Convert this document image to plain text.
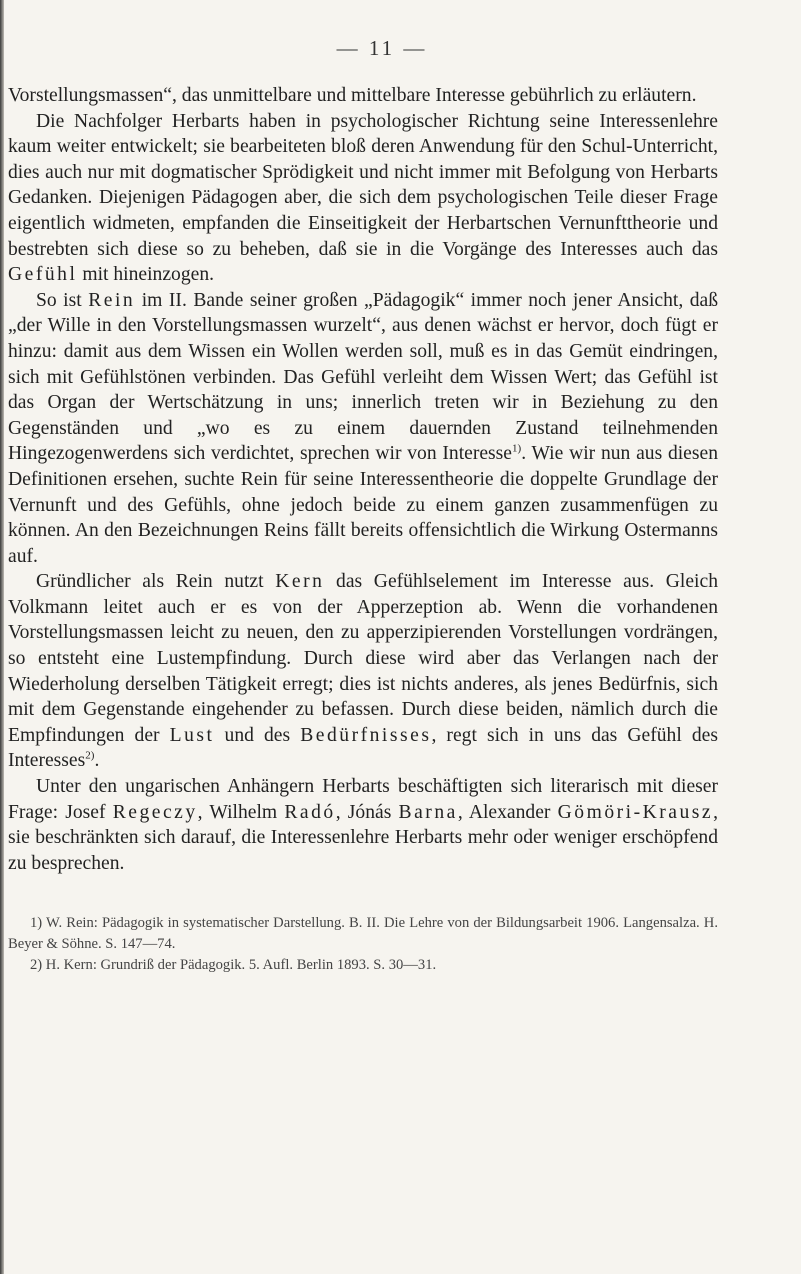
— 11 —

Vorstellungsmassen“, das unmittelbare und mittelbare Interesse gebührlich zu erläutern.

Die Nachfolger Herbarts haben in psychologischer Richtung seine Interessenlehre kaum weiter entwickelt; sie bearbeiteten bloß deren Anwendung für den Schul-Unterricht, dies auch nur mit dogmatischer Sprödigkeit und nicht immer mit Befolgung von Herbarts Gedanken. Diejenigen Pädagogen aber, die sich dem psychologischen Teile dieser Frage eigentlich widmeten, empfanden die Einseitigkeit der Herbartschen Vernunfttheorie und bestrebten sich diese so zu beheben, daß sie in die Vorgänge des Interesses auch das Gefühl mit hineinzogen.

So ist Rein im II. Bande seiner großen „Pädagogik“ immer noch jener Ansicht, daß „der Wille in den Vorstellungsmassen wurzelt“, aus denen wächst er hervor, doch fügt er hinzu: damit aus dem Wissen ein Wollen werden soll, muß es in das Gemüt eindringen, sich mit Gefühlstönen verbinden. Das Gefühl verleiht dem Wissen Wert; das Gefühl ist das Organ der Wertschätzung in uns; innerlich treten wir in Beziehung zu den Gegenständen und „wo es zu einem dauernden Zustand teilnehmenden Hingezogenwerdens sich verdichtet, sprechen wir von Interesse$^{1)}$. Wie wir nun aus diesen Definitionen ersehen, suchte Rein für seine Interessentheorie die doppelte Grundlage der Vernunft und des Gefühls, ohne jedoch beide zu einem ganzen zusammenfügen zu können. An den Bezeichnungen Reins fällt bereits offensichtlich die Wirkung Ostermanns auf.

Gründlicher als Rein nutzt Kern das Gefühlselement im Interesse aus. Gleich Volkmann leitet auch er es von der Apperzeption ab. Wenn die vorhandenen Vorstellungsmassen leicht zu neuen, den zu apperzipierenden Vorstellungen vordrängen, so entsteht eine Lustempfindung. Durch diese wird aber das Verlangen nach der Wiederholung derselben Tätigkeit erregt; dies ist nichts anderes, als jenes Bedürfnis, sich mit dem Gegenstande eingehender zu befassen. Durch diese beiden, nämlich durch die Empfindungen der Lust und des Bedürfnisses, regt sich in uns das Gefühl des Interesses$^{2)}$.

Unter den ungarischen Anhängern Herbarts beschäftigten sich literarisch mit dieser Frage: Josef Regeczy, Wilhelm Radó, Jónás Barna, Alexander Gömöri-Krausz, sie beschränkten sich darauf, die Interessenlehre Herbarts mehr oder weniger erschöpfend zu besprechen.

1) W. Rein: Pädagogik in systematischer Darstellung. B. II. Die Lehre von der Bildungsarbeit 1906. Langensalza. H. Beyer & Söhne. S. 147—74.

2) H. Kern: Grundriß der Pädagogik. 5. Aufl. Berlin 1893. S. 30—31.
